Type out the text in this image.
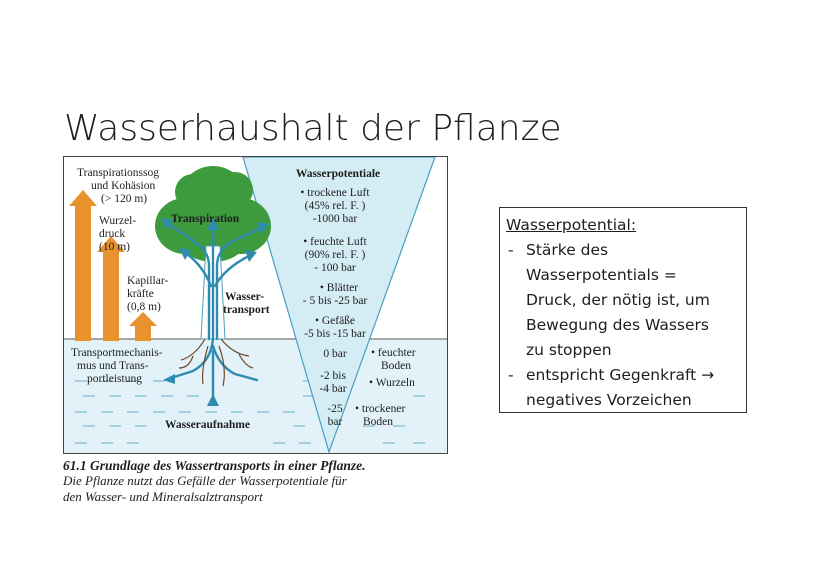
Wasserhaushalt der Pflanze
Transpirationssog
und Kohäsion
(> 120 m)
Wurzel-
druck
(10 m)
Kapillar-
kräfte
(0,8 m)
Transportmechanis-
mus und Trans-
portleistung
Transpiration
Wasser-
transport
Wasseraufnahme
Wasserpotentiale
• trockene Luft
(45% rel. F. )
-1000 bar
• feuchte Luft
(90% rel. F. )
- 100 bar
• Blätter
- 5 bis -25 bar
• Gefäße
-5 bis -15 bar
0 bar
-2 bis
-4 bar
-25
bar
• feuchter
Boden
• Wurzeln
• trockener
Boden
61.1 Grundlage des Wassertransports in einer Pflanze.
Die Pflanze nutzt das Gefälle der Wasserpotentiale für
den Wasser- und Mineralsalztransport
Wasserpotential:
- Stärke des
Wasserpotentials =
Druck, der nötig ist, um
Bewegung des Wassers
zu stoppen
- entspricht Gegenkraft →
negatives Vorzeichen
